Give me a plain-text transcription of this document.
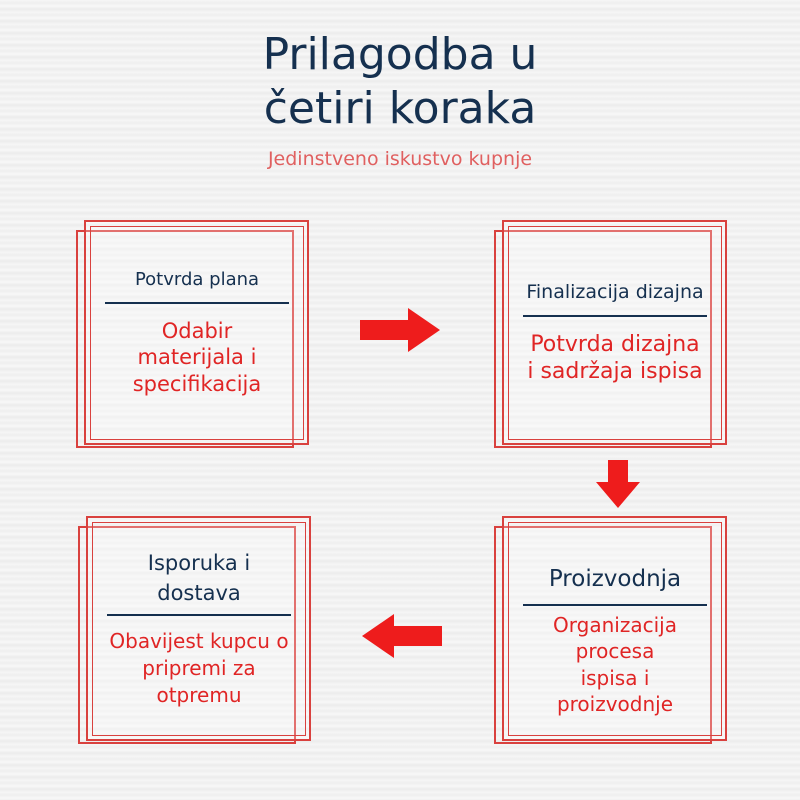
Prilagodba u
četiri koraka
Jedinstveno iskustvo kupnje
Potvrda plana
Odabir
materijala i
specifikacija
Finalizacija dizajna
Potvrda dizajna
i sadržaja ispisa
Proizvodnja
Organizacija
procesa
ispisa i
proizvodnje
Isporuka i
dostava
Obavijest kupcu o
pripremi za
otpremu
